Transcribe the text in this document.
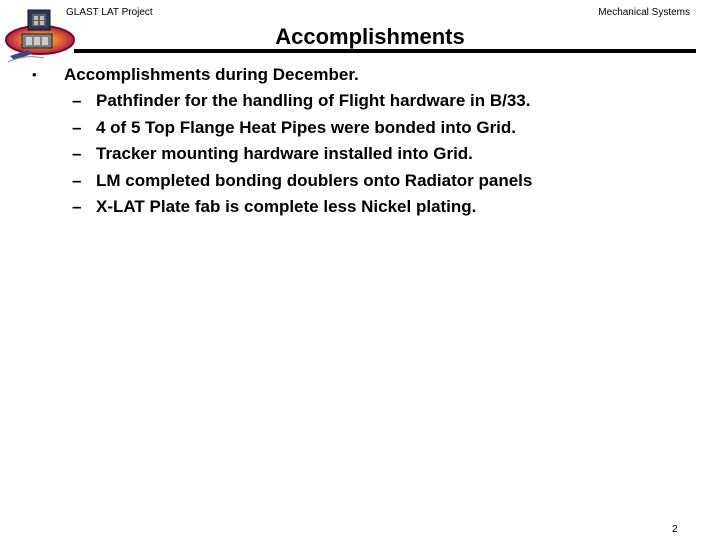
GLAST LAT Project	Mechanical Systems
Accomplishments
• Accomplishments during December.
– Pathfinder for the handling of Flight hardware in B/33.
– 4 of 5 Top Flange Heat Pipes were bonded into Grid.
– Tracker mounting hardware installed into Grid.
– LM completed bonding doublers onto Radiator panels
– X-LAT Plate fab is complete less Nickel plating.
2
